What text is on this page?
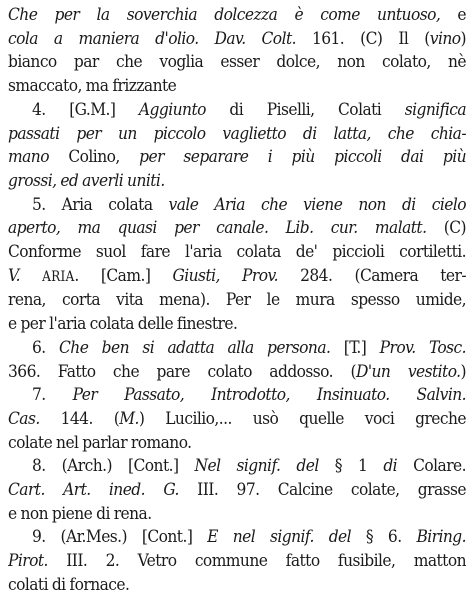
Che per la soverchia dolcezza è come untuoso, e
cola a maniera d'olio. Dav. Colt. 161. (C) Il (vino)
bianco par che voglia esser dolce, non colato, nè
smaccato, ma frizzante
4. [G.M.] Aggiunto di Piselli, Colati significa
passati per un piccolo vaglietto di latta, che chia-
mano Colino, per separare i più piccoli dai più
grossi, ed averli uniti.
5. Aria colata vale Aria che viene non di cielo
aperto, ma quasi per canale. Lib. cur. malatt. (C)
Conforme suol fare l'aria colata de' piccioli cortiletti.
V. ARIA. [Cam.] Giusti, Prov. 284. (Camera ter-
rena, corta vita mena). Per le mura spesso umide,
e per l'aria colata delle finestre.
6. Che ben si adatta alla persona. [T.] Prov. Tosc.
366. Fatto che pare colato addosso. (D'un vestito.)
7. Per Passato, Introdotto, Insinuato. Salvin.
Cas. 144. (M.) Lucilio,... usò quelle voci greche
colate nel parlar romano.
8. (Arch.) [Cont.] Nel signif. del § 1 di Colare.
Cart. Art. ined. G. III. 97. Calcine colate, grasse
e non piene di rena.
9. (Ar.Mes.) [Cont.] E nel signif. del § 6. Biring.
Pirot. III. 2. Vetro commune fatto fusibile, matton
colati di fornace.
